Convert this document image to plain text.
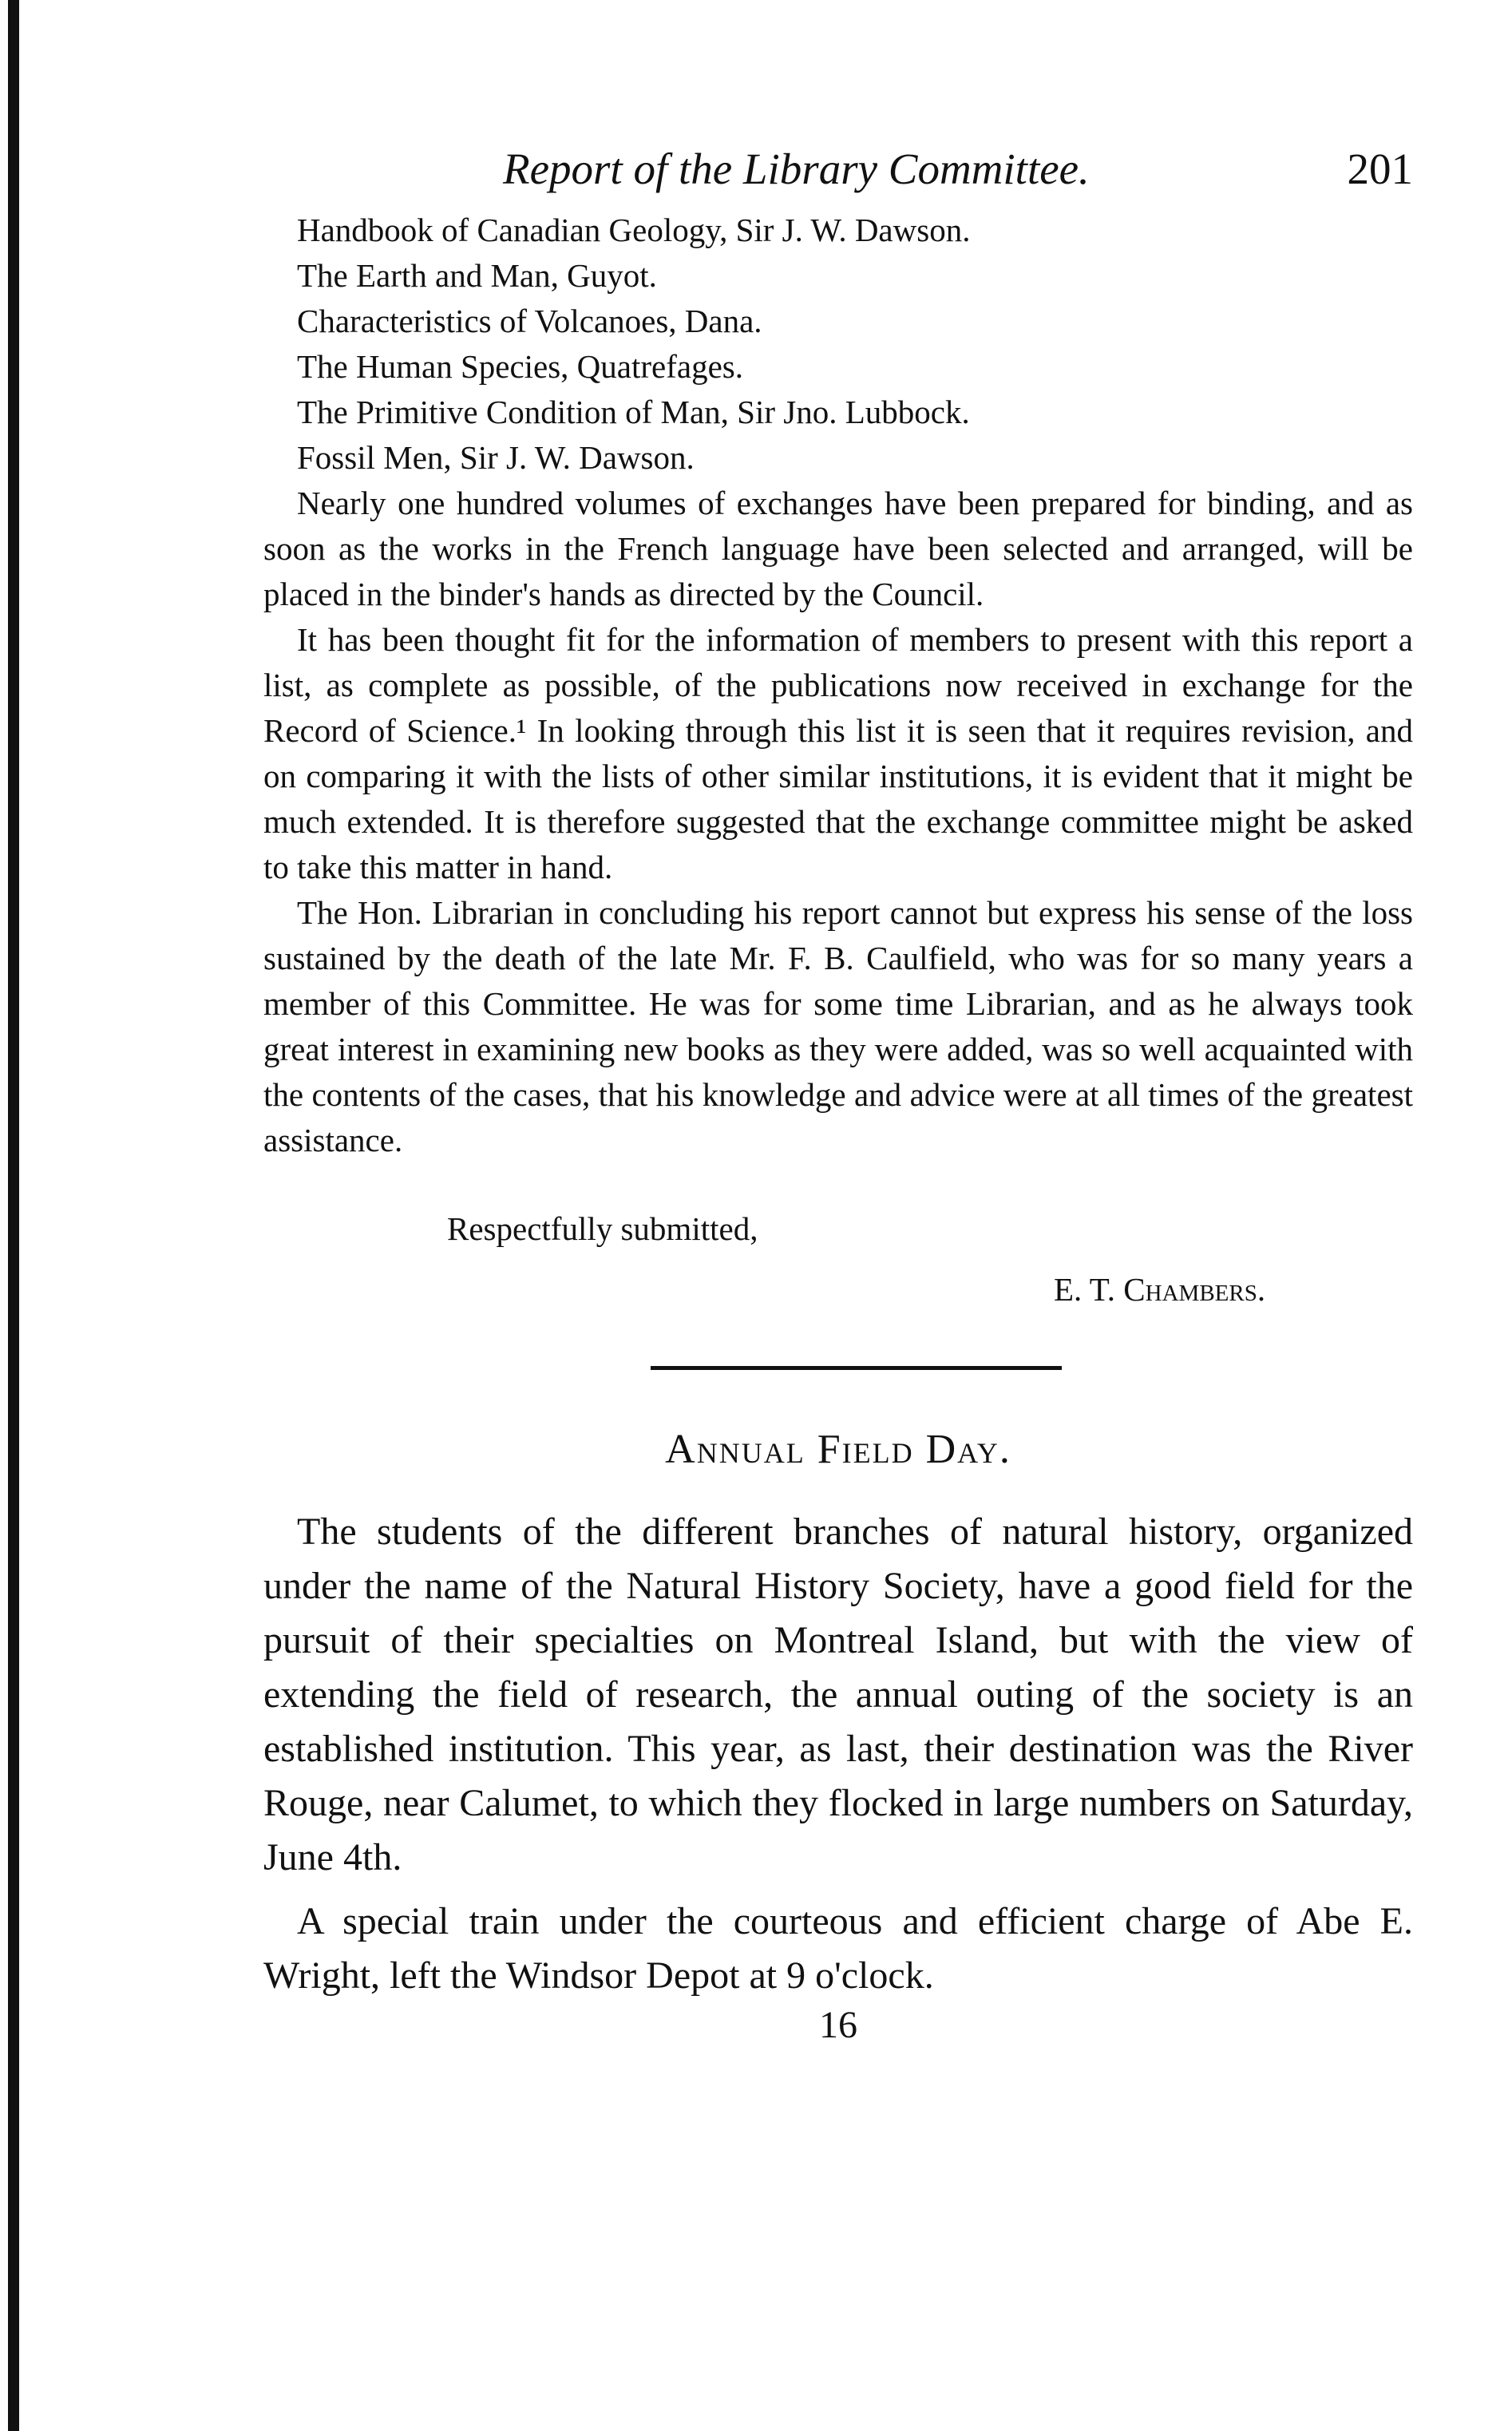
Report of the Library Committee.	201
Handbook of Canadian Geology, Sir J. W. Dawson.
The Earth and Man, Guyot.
Characteristics of Volcanoes, Dana.
The Human Species, Quatrefages.
The Primitive Condition of Man, Sir Jno. Lubbock.
Fossil Men, Sir J. W. Dawson.

Nearly one hundred volumes of exchanges have been prepared for binding, and as soon as the works in the French language have been selected and arranged, will be placed in the binder's hands as directed by the Council.

It has been thought fit for the information of members to present with this report a list, as complete as possible, of the publications now received in exchange for the Record of Science.¹ In looking through this list it is seen that it requires revision, and on comparing it with the lists of other similar institutions, it is evident that it might be much extended. It is therefore suggested that the exchange committee might be asked to take this matter in hand.

The Hon. Librarian in concluding his report cannot but express his sense of the loss sustained by the death of the late Mr. F. B. Caulfield, who was for so many years a member of this Committee. He was for some time Librarian, and as he always took great interest in examining new books as they were added, was so well acquainted with the contents of the cases, that his knowledge and advice were at all times of the greatest assistance.

Respectfully submitted,

E. T. Chambers.

Annual Field Day.

The students of the different branches of natural history, organized under the name of the Natural History Society, have a good field for the pursuit of their specialties on Montreal Island, but with the view of extending the field of research, the annual outing of the society is an established institution. This year, as last, their destination was the River Rouge, near Calumet, to which they flocked in large numbers on Saturday, June 4th.

A special train under the courteous and efficient charge of Abe E. Wright, left the Windsor Depot at 9 o'clock.

16
